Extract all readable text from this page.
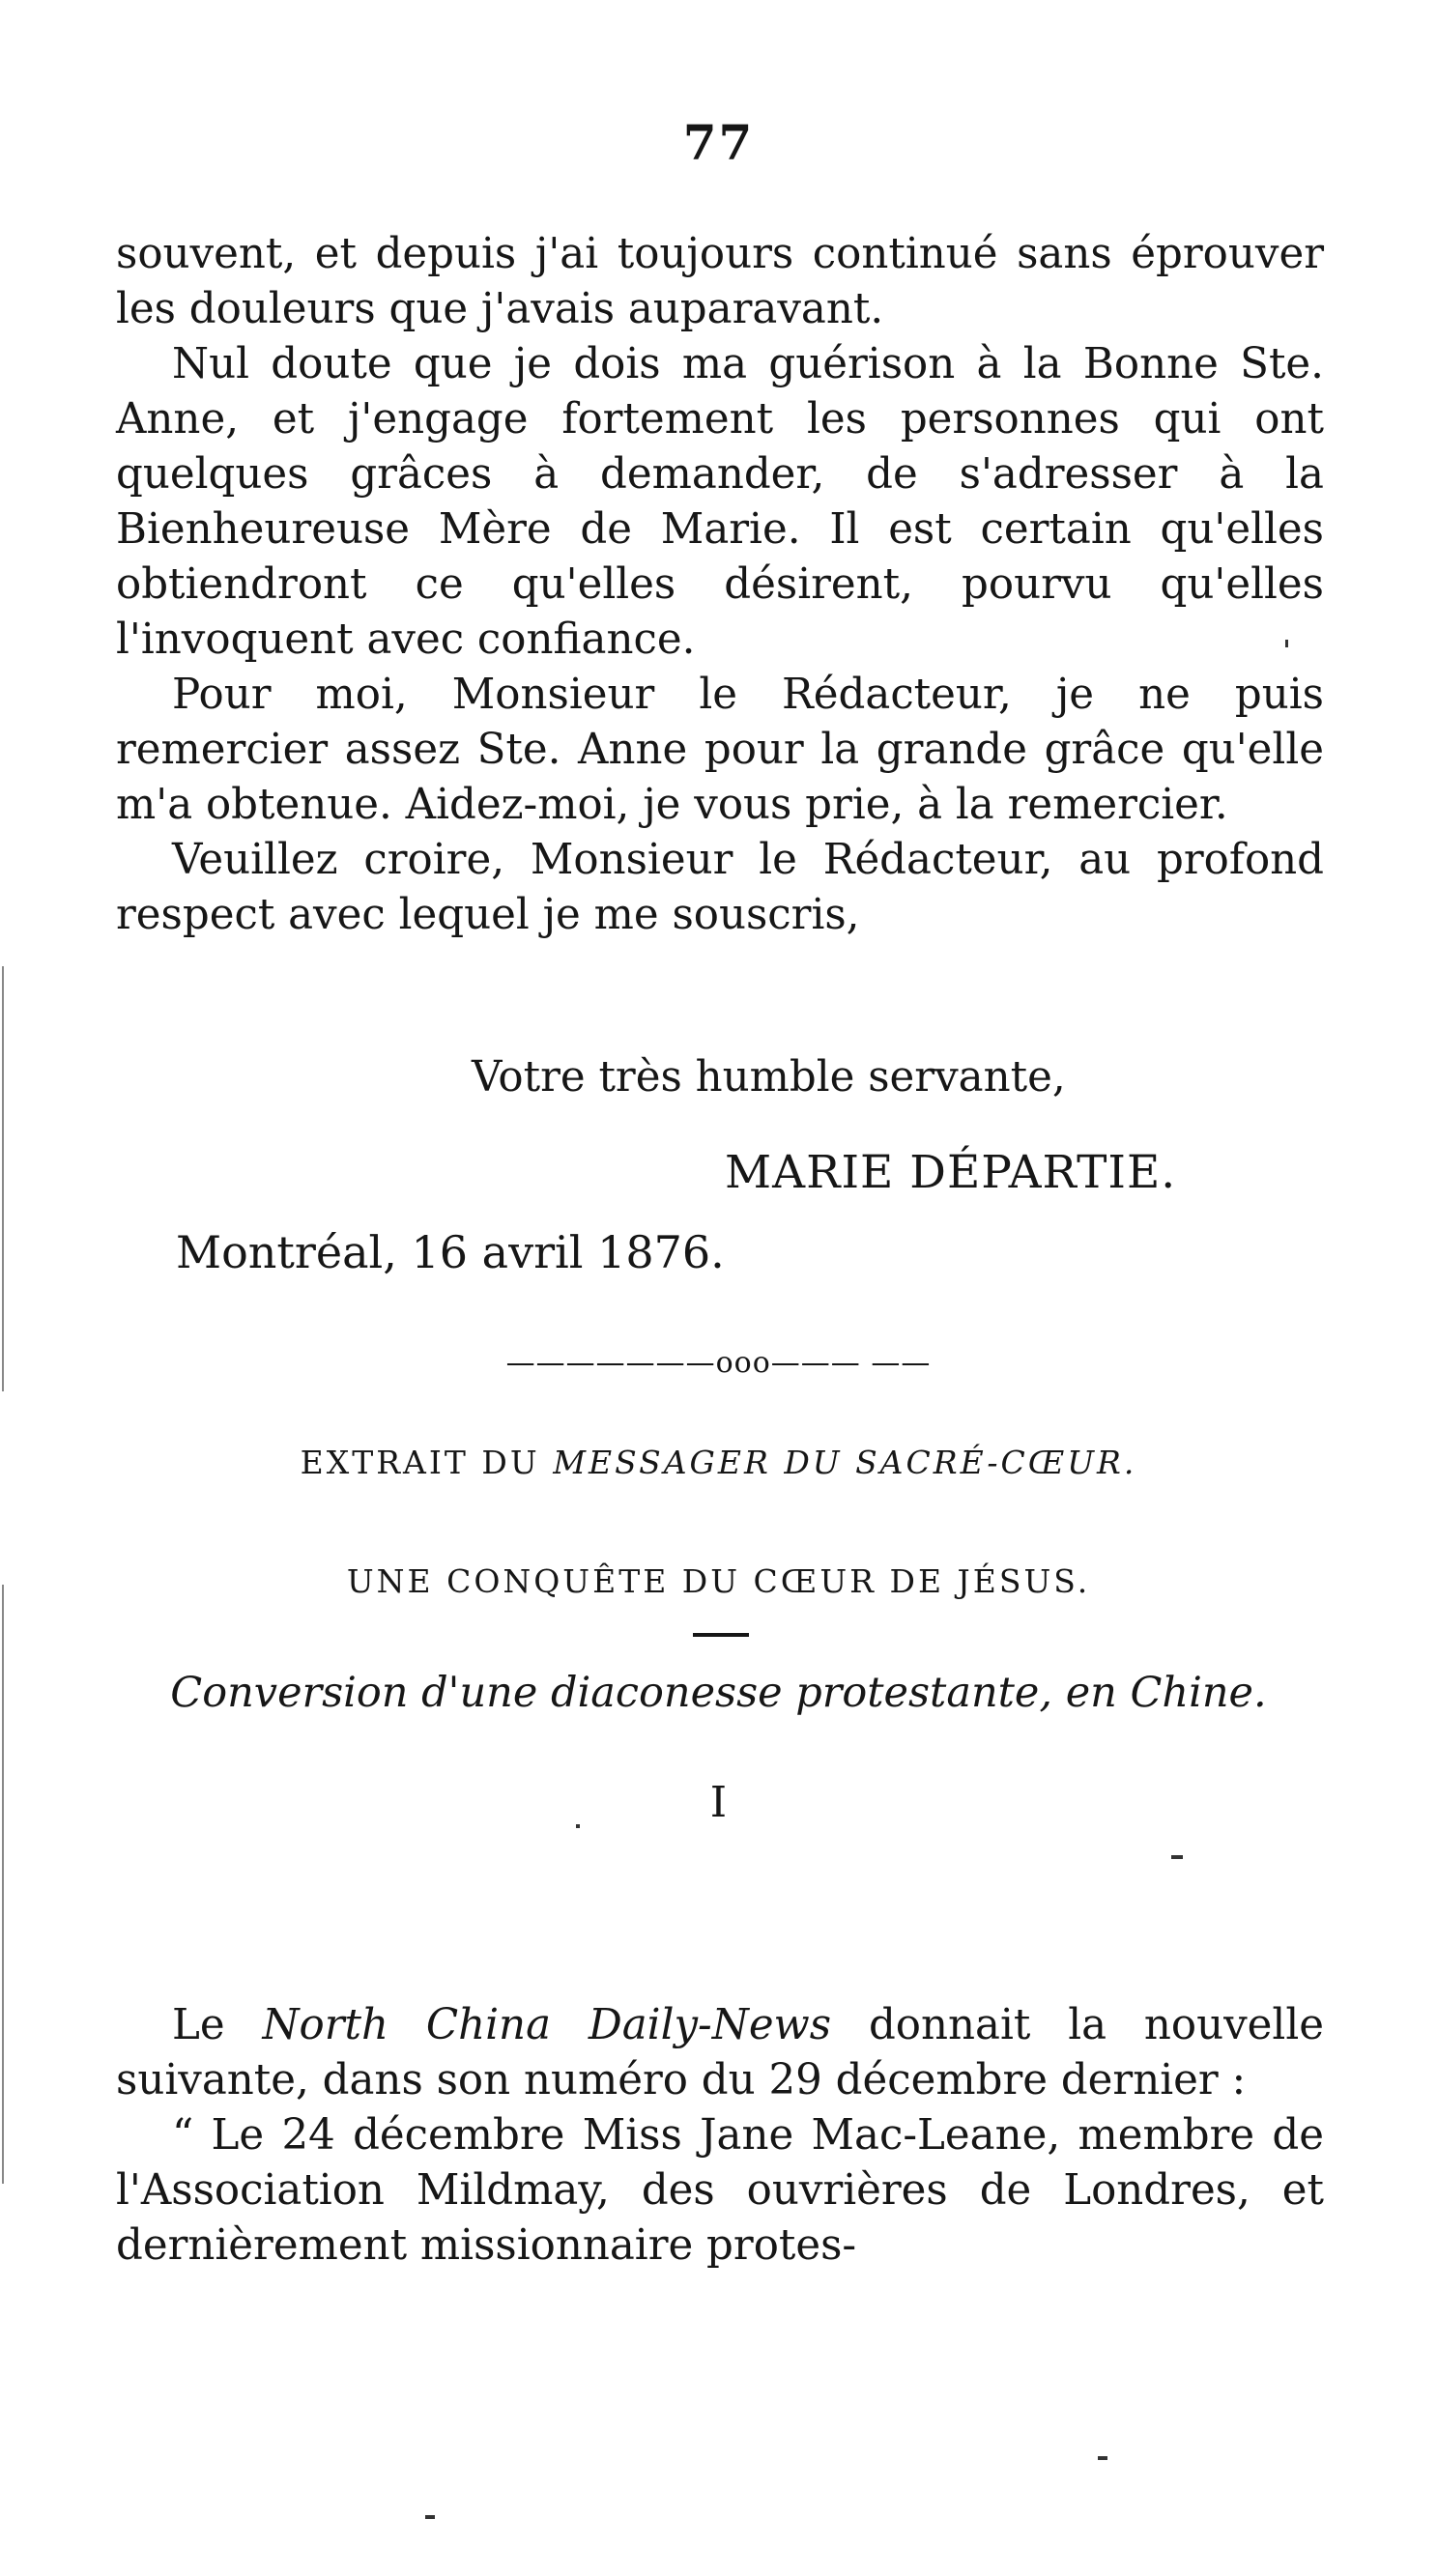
77

souvent, et depuis j'ai toujours continué sans éprouver les douleurs que j'avais auparavant.

Nul doute que je dois ma guérison à la Bonne Ste. Anne, et j'engage fortement les personnes qui ont quelques grâces à demander, de s'adresser à la Bienheureuse Mère de Marie. Il est certain qu'elles obtiendront ce qu'elles désirent, pourvu qu'elles l'invoquent avec confiance.

Pour moi, Monsieur le Rédacteur, je ne puis remercier assez Ste. Anne pour la grande grâce qu'elle m'a obtenue. Aidez-moi, je vous prie, à la remercier.

Veuillez croire, Monsieur le Rédacteur, au profond respect avec lequel je me souscris,

Votre très humble servante,

MARIE DÉPARTIE.

Montréal, 16 avril 1876.

———————ooo——— ——
EXTRAIT DU MESSAGER DU SACRÉ-CŒUR.
UNE CONQUÊTE DU CŒUR DE JÉSUS.
Conversion d'une diaconesse protestante, en Chine.
I

Le North China Daily-News donnait la nouvelle suivante, dans son numéro du 29 décembre dernier :

“ Le 24 décembre Miss Jane Mac-Leane, membre de l'Association Mildmay, des ouvrières de Londres, et dernièrement missionnaire protes-
